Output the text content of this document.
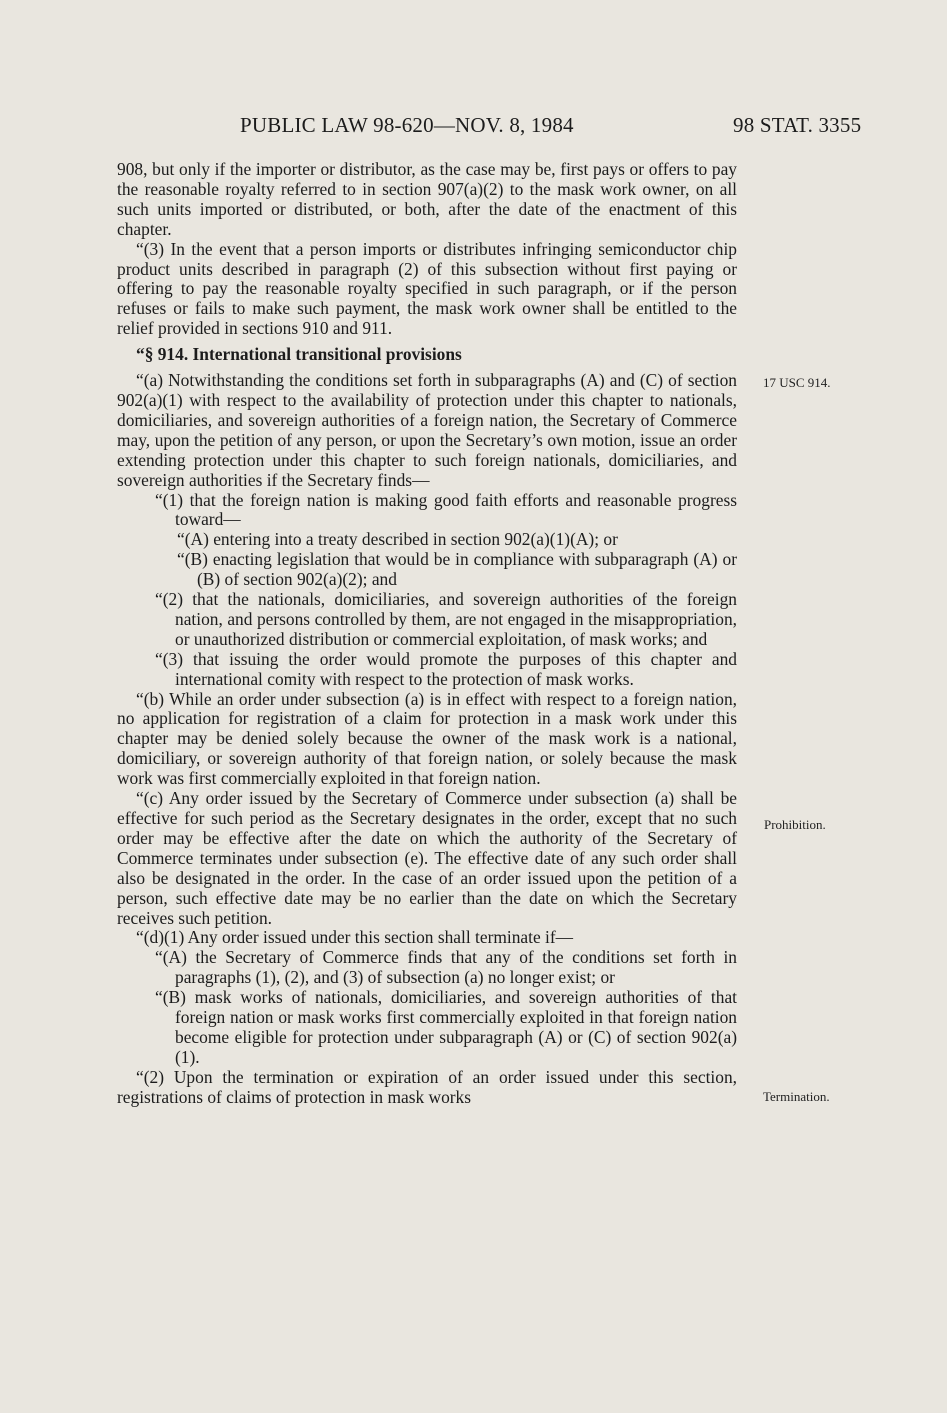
PUBLIC LAW 98-620—NOV. 8, 1984	98 STAT. 3355

908, but only if the importer or distributor, as the case may be, first pays or offers to pay the reasonable royalty referred to in section 907(a)(2) to the mask work owner, on all such units imported or distributed, or both, after the date of the enactment of this chapter.

“(3) In the event that a person imports or distributes infringing semiconductor chip product units described in paragraph (2) of this subsection without first paying or offering to pay the reasonable royalty specified in such paragraph, or if the person refuses or fails to make such payment, the mask work owner shall be entitled to the relief provided in sections 910 and 911.

“§ 914. International transitional provisions

“(a) Notwithstanding the conditions set forth in subparagraphs (A) and (C) of section 902(a)(1) with respect to the availability of protection under this chapter to nationals, domiciliaries, and sovereign authorities of a foreign nation, the Secretary of Commerce may, upon the petition of any person, or upon the Secretary’s own motion, issue an order extending protection under this chapter to such foreign nationals, domiciliaries, and sovereign authorities if the Secretary finds—

“(1) that the foreign nation is making good faith efforts and reasonable progress toward—

“(A) entering into a treaty described in section 902(a)(1)(A); or

“(B) enacting legislation that would be in compliance with subparagraph (A) or (B) of section 902(a)(2); and

“(2) that the nationals, domiciliaries, and sovereign authorities of the foreign nation, and persons controlled by them, are not engaged in the misappropriation, or unauthorized distribution or commercial exploitation, of mask works; and

“(3) that issuing the order would promote the purposes of this chapter and international comity with respect to the protection of mask works.

“(b) While an order under subsection (a) is in effect with respect to a foreign nation, no application for registration of a claim for protection in a mask work under this chapter may be denied solely because the owner of the mask work is a national, domiciliary, or sovereign authority of that foreign nation, or solely because the mask work was first commercially exploited in that foreign nation.

“(c) Any order issued by the Secretary of Commerce under subsection (a) shall be effective for such period as the Secretary designates in the order, except that no such order may be effective after the date on which the authority of the Secretary of Commerce terminates under subsection (e). The effective date of any such order shall also be designated in the order. In the case of an order issued upon the petition of a person, such effective date may be no earlier than the date on which the Secretary receives such petition.

“(d)(1) Any order issued under this section shall terminate if—

“(A) the Secretary of Commerce finds that any of the conditions set forth in paragraphs (1), (2), and (3) of subsection (a) no longer exist; or

“(B) mask works of nationals, domiciliaries, and sovereign authorities of that foreign nation or mask works first commercially exploited in that foreign nation become eligible for protection under subparagraph (A) or (C) of section 902(a)(1).

“(2) Upon the termination or expiration of an order issued under this section, registrations of claims of protection in mask works

17 USC 914.
Prohibition.
Termination.
